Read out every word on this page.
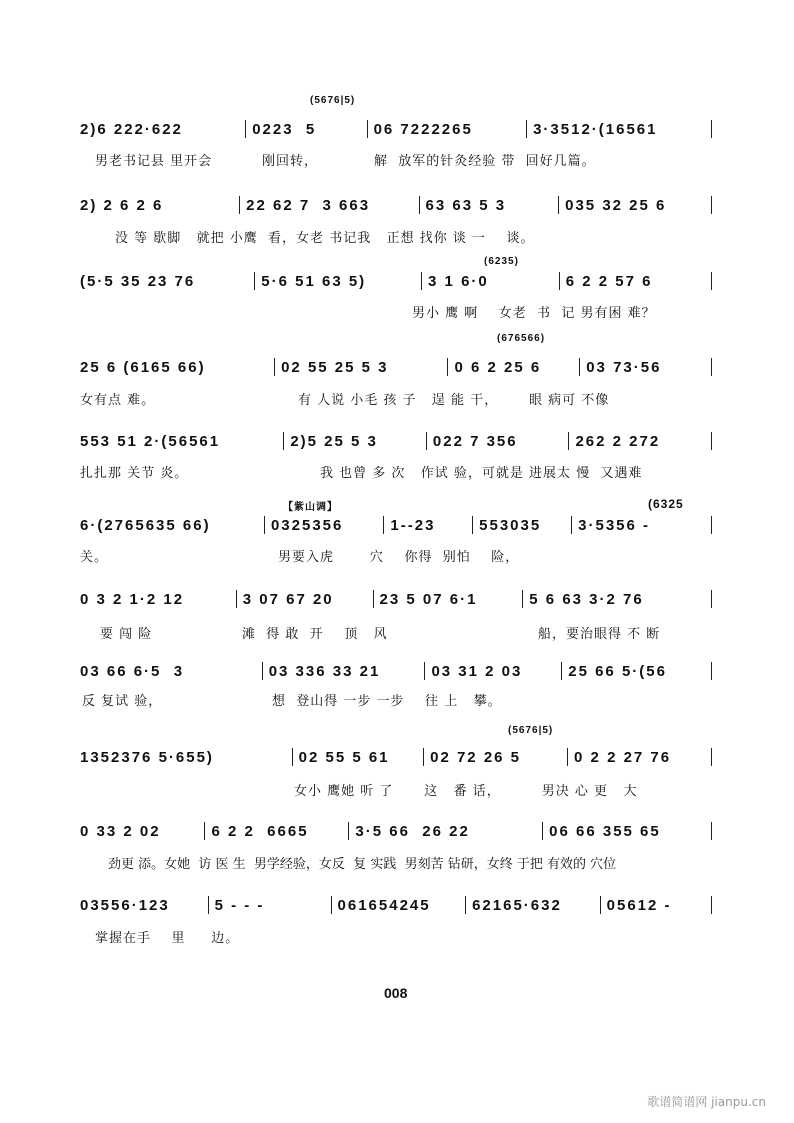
(5676|5)
(6235)
(676566)
【紫山调】	(6325
(5676|5)
2)6 222·622	0223  5	06 7222265	3·3512·(16561
男老书记县 里开会	刚回转，	解  放军的针灸经验 带  回好几篇。
2) 2 6 2 6	22 62 7  3 663	63 63 5 3	035 32 25 6
没 等 歇脚   就把 小鹰  看，女老 书记我   正想 找你 谈 一    谈。
(5·5 35 23 76	5·6 51 63 5)	3 1 6·0	6 2 2 57 6
男小 鹰 啊    女老  书  记 男有困 难？
25 6 (6165 66)	02 55 25 5 3	0 6 2 25 6	03 73·56
女有点 难。	有 人说 小毛 孩 子   逞 能 干，      眼 病可 不像
553 51 2·(56561	2)5 25 5 3	022 7 356	262 2 272
扎扎那 关节 炎。	我 也曾 多 次   作试 验，可就是 进展太 慢  又遇难
6·(2765635 66)	0325356	1--23	553035	3·5356 -
关。	男要入虎       穴    你得  别怕    险，
0 3 2 1·2 12	3 07 67 20	23 5 07 6·1	5 6 63 3·2 76
要 闯 险	滩  得 敢  开    顶   风	船，要治眼得 不 断
03 66 6·5  3	03 336 33 21	03 31 2 03	25 66 5·(56
反 复试 验，	想  登山得 一步 一步    往 上   攀。
1352376 5·655)	02 55 5 61	02 72 26 5	0 2 2 27 76
女小 鹰她 听 了      这   番 话，        男决 心 更   大
0 33 2 02	6 2 2  6665	3·5 66  26 22	06 66 355 65
劲更 添。女她  访 医 生  男学经验，女反  复 实践  男刻苦 钻研，女终 于把 有效的 穴位
03556·123	5 - - -	061654245	62165·632	05612 -
掌握在手    里     边。
008
歌谱简谱网 jianpu.cn
